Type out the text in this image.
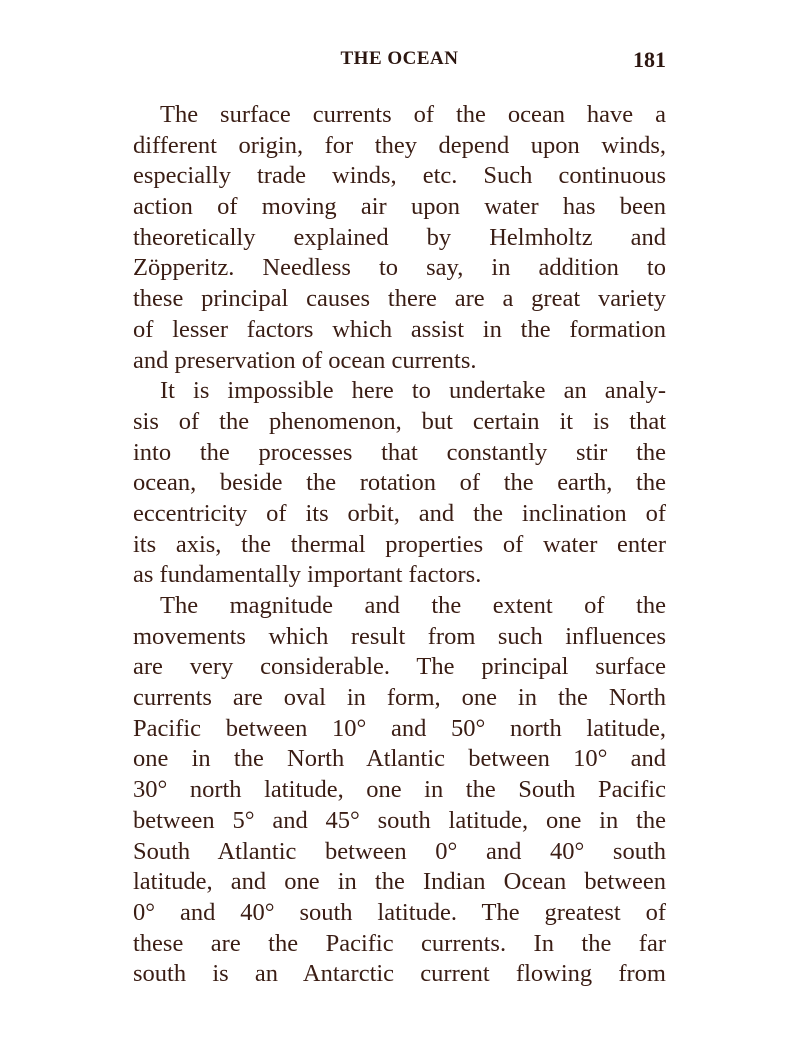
THE OCEAN	181

The surface currents of the ocean have a
different origin, for they depend upon winds,
especially trade winds, etc. Such continuous
action of moving air upon water has been
theoretically explained by Helmholtz and
Zöpperitz. Needless to say, in addition to
these principal causes there are a great variety
of lesser factors which assist in the formation
and preservation of ocean currents.

It is impossible here to undertake an analy-
sis of the phenomenon, but certain it is that
into the processes that constantly stir the
ocean, beside the rotation of the earth, the
eccentricity of its orbit, and the inclination of
its axis, the thermal properties of water enter
as fundamentally important factors.

The magnitude and the extent of the
movements which result from such influences
are very considerable. The principal surface
currents are oval in form, one in the North
Pacific between 10° and 50° north latitude,
one in the North Atlantic between 10° and
30° north latitude, one in the South Pacific
between 5° and 45° south latitude, one in the
South Atlantic between 0° and 40° south
latitude, and one in the Indian Ocean between
0° and 40° south latitude. The greatest of
these are the Pacific currents. In the far
south is an Antarctic current flowing from
